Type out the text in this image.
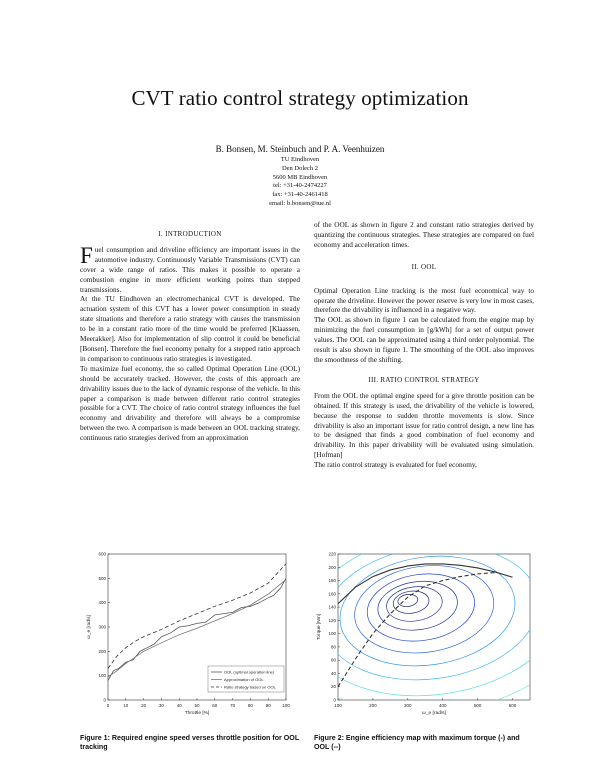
CVT ratio control strategy optimization
B. Bonsen, M. Steinbuch and P. A. Veenhuizen
TU Eindhoven
Den Dolech 2
5600 MB Eindhoven
tel: +31-40-2474227
fax: +31-40-2461418
email: b.bonsen@tue.nl
I. INTRODUCTION

Fuel consumption and driveline efficiency are important issues in the automotive industry. Continuously Variable Transmissions (CVT) can cover a wide range of ratios. This makes it possible to operate a combustion engine in more efficient working points than stepped transmissions.

At the TU Eindhoven an electromechanical CVT is developed. The actuation system of this CVT has a lower power consumption in steady state situations and therefore a ratio strategy with causes the transmission to be in a constant ratio more of the time would be preferred [Klaassen, Meerakker]. Also for implementation of slip control it could be beneficial [Bonsen]. Therefore the fuel economy penalty for a stepped ratio approach in comparison to continuous ratio strategies is investigated.

To maximize fuel economy, the so called Optimal Operation Line (OOL) should be accurately tracked. However, the costs of this approach are drivability issues due to the lack of dynamic response of the vehicle. In this paper a comparison is made between different ratio control strategies possible for a CVT. The choice of ratio control strategy influences the fuel economy and drivability and therefore will always be a compromise between the two. A comparison is made between an OOL tracking strategy, continuous ratio strategies derived from an approximation

of the OOL as shown in figure 2 and constant ratio strategies derived by quantizing the continuous strategies. These strategies are compared on fuel economy and acceleration times.

II. OOL

Optimal Operation Line tracking is the most fuel economical way to operate the driveline. However the power reserve is very low in most cases, therefore the drivability is influenced in a negative way.

The OOL as shown in figure 1 can be calculated from the engine map by minimizing the fuel consumption in [g/kWh] for a set of output power values. The OOL can be approximated using a third order polynomial. The result is also shown in figure 1. The smoothing of the OOL also improves the smoothness of the shifting.

III. RATIO CONTROL STRATEGY

From the OOL the optimal engine speed for a give throttle position can be obtained. If this strategy is used, the drivability of the vehicle is lowered, because the response to sudden throttle movements is slow. Since drivability is also an important issue for ratio control design, a new line has to be designed that finds a good combination of fuel economy and drivability. In this paper drivability will be evaluated using simulation.[Hofman]

The ratio control strategy is evaluated for fuel economy,

0	10	20	30	40	50	60	70	80	90	100
0
100
200
300
400
500
600
Throttle [%]
ω_e [rad/s]
OOL (optimal operation line)
Approximation of OOL
Ratio strategy based on OOL
Figure 1: Required engine speed verses throttle position for OOL tracking
100	200	300	400	500	600
0
20
40
60
80
100
120
140
160
180
200
220
ω_e [rad/s]
Torque [Nm]
Figure 2: Engine efficiency map with maximum torque (-) and OOL (--)
